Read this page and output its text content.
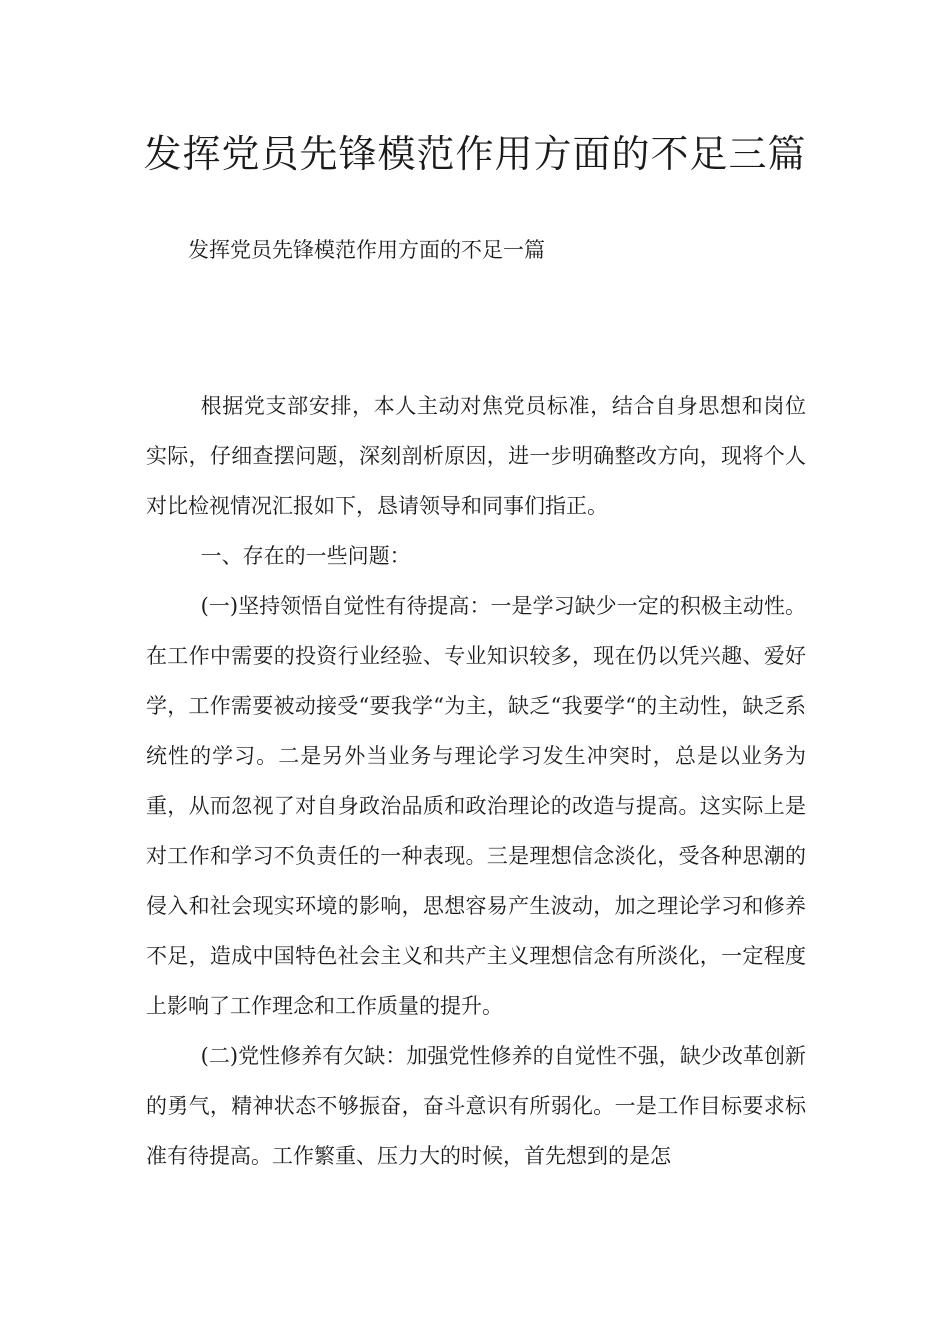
发挥党员先锋模范作用方面的不足三篇
发挥党员先锋模范作用方面的不足一篇

根据党支部安排，本人主动对焦党员标准，结合自身思想和岗位实际，仔细查摆问题，深刻剖析原因，进一步明确整改方向，现将个人对比检视情况汇报如下，恳请领导和同事们指正。

一、存在的一些问题：

(一)坚持领悟自觉性有待提高：一是学习缺少一定的积极主动性。在工作中需要的投资行业经验、专业知识较多，现在仍以凭兴趣、爱好学，工作需要被动接受“要我学“为主，缺乏“我要学“的主动性，缺乏系统性的学习。二是另外当业务与理论学习发生冲突时，总是以业务为重，从而忽视了对自身政治品质和政治理论的改造与提高。这实际上是对工作和学习不负责任的一种表现。三是理想信念淡化，受各种思潮的侵入和社会现实环境的影响，思想容易产生波动，加之理论学习和修养不足，造成中国特色社会主义和共产主义理想信念有所淡化，一定程度上影响了工作理念和工作质量的提升。

(二)党性修养有欠缺：加强党性修养的自觉性不强，缺少改革创新的勇气，精神状态不够振奋，奋斗意识有所弱化。一是工作目标要求标准有待提高。工作繁重、压力大的时候，首先想到的是怎
